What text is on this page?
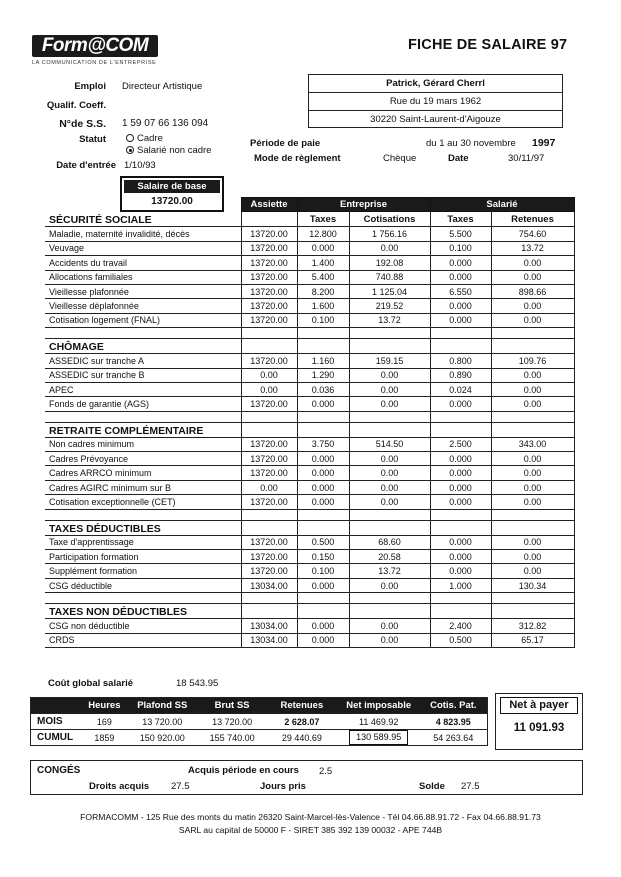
Form@COM
LA COMMUNICATION DE L'ENTREPRISE
FICHE DE SALAIRE 97
Emploi Directeur Artistique
Qualif. Coeff.
N°de S.S. 1 59 07 66 136 094
Statut	Cadre
Salarié non cadre
Date d'entrée 1/10/93
Patrick, Gérard Cherrl
Rue du 19 mars 1962
30220 Saint-Laurent-d'Aigouze
Période de paie	du 1 au 30 novembre 1997
Mode de règlement	Chèque	Date	30/11/97
Salaire de base
13720.00
		Assiette	Entreprise		Salarié	
SÉCURITÉ SOCIALE		Taxes	Cotisations	Taxes	Retenues
Maladie, maternité invalidité, décès	13720.00	12.800	1 756.16	5.500	754.60
Veuvage	13720.00	0.000	0.00	0.100	13.72
Accidents du travail	13720.00	1.400	192.08	0.000	0.00
Allocations familiales	13720.00	5.400	740.88	0.000	0.00
Vieillesse plafonnée	13720.00	8.200	1 125.04	6.550	898.66
Vieillesse déplafonnée	13720.00	1.600	219.52	0.000	0.00
Cotisation logement (FNAL)	13720.00	0.100	13.72	0.000	0.00

CHÔMAGE					
ASSEDIC sur tranche A	13720.00	1.160	159.15	0.800	109.76
ASSEDIC sur tranche B	0.00	1.290	0.00	0.890	0.00
APEC	0.00	0.036	0.00	0.024	0.00
Fonds de garantie (AGS)	13720.00	0.000	0.00	0.000	0.00

RETRAITE COMPLÉMENTAIRE					
Non cadres minimum	13720.00	3.750	514.50	2.500	343.00
Cadres Prévoyance	13720.00	0.000	0.00	0.000	0.00
Cadres ARRCO minimum	13720.00	0.000	0.00	0.000	0.00
Cadres AGIRC minimum sur B	0.00	0.000	0.00	0.000	0.00
Cotisation exceptionnelle (CET)	13720.00	0.000	0.00	0.000	0.00

TAXES DÉDUCTIBLES					
Taxe d'apprentissage	13720.00	0.500	68.60	0.000	0.00
Participation formation	13720.00	0.150	20.58	0.000	0.00
Supplément formation	13720.00	0.100	13.72	0.000	0.00
CSG déductible	13034.00	0.000	0.00	1.000	130.34

TAXES NON DÉDUCTIBLES					
CSG non déductible	13034.00	0.000	0.00	2.400	312.82
CRDS	13034.00	0.000	0.00	0.500	65.17
Coût global salarié	18 543.95
	Heures	Plafond SS	Brut SS	Retenues	Net imposable	Cotis. Pat.
MOIS	169	13 720.00	13 720.00	2 628.07	11 469.92	4 823.95
CUMUL	1859	150 920.00	155 740.00	29 440.69	130 589.95	54 263.64
Net à payer
11 091.93
CONGÉS	Acquis période en cours 2.5
Droits acquis 27.5	Jours pris	Solde 27.5
FORMACOMM - 125 Rue des monts du matin 26320 Saint-Marcel-lès-Valence - Tél 04.66.88.91.72 - Fax 04.66.88.91.73
SARL au capital de 50000 F - SIRET 385 392 139 00032 - APE 744B
